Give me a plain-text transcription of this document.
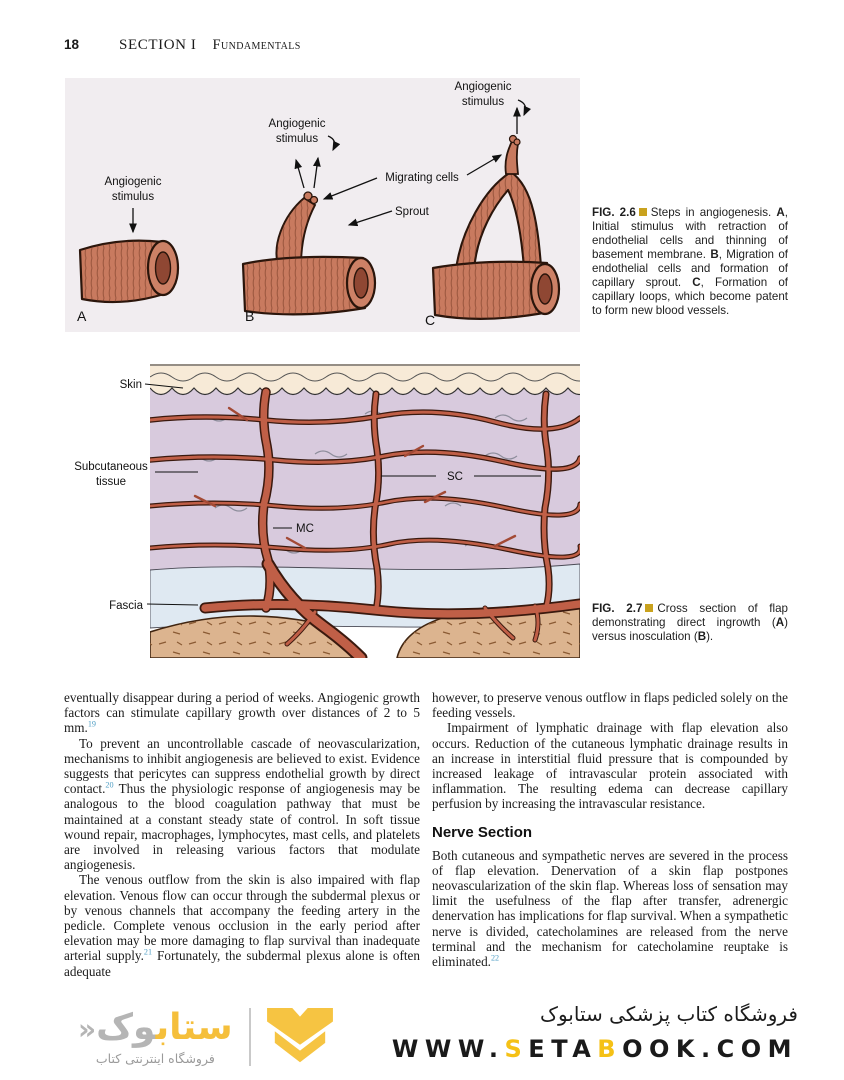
18	SECTION I Fundamentals
Angiogenic
stimulus
A
Angiogenic
stimulus
B
Migrating cells
Sprout
Angiogenic
stimulus
C
FIG. 2.6 Steps in angiogenesis. A, Initial stimulus with retraction of endothelial cells and thinning of basement membrane. B, Migration of endothelial cells and formation of capillary sprout. C, Formation of capillary loops, which become patent to form new blood vessels.
Skin
Subcutaneous
tissue
Fascia
MC
SC
FIG. 2.7 Cross section of flap demonstrating direct ingrowth (A) versus inosculation (B).

eventually disappear during a period of weeks. Angiogenic growth factors can stimulate capillary growth over distances of 2 to 5 mm.$^{19}$

To prevent an uncontrollable cascade of neovascularization, mechanisms to inhibit angiogenesis are believed to exist. Evidence suggests that pericytes can suppress endothelial growth by direct contact.$^{20}$ Thus the physiologic response of angiogenesis may be analogous to the blood coagulation pathway that must be maintained at a constant steady state of control. In soft tissue wound repair, macrophages, lymphocytes, mast cells, and platelets are involved in releasing various factors that modulate angiogenesis.

The venous outflow from the skin is also impaired with flap elevation. Venous flow can occur through the subdermal plexus or by venous channels that accompany the feeding artery in the pedicle. Complete venous occlusion in the early period after elevation may be more damaging to flap survival than inadequate arterial supply.$^{21}$ Fortunately, the subdermal plexus alone is often adequate

however, to preserve venous outflow in flaps pedicled solely on the feeding vessels.

Impairment of lymphatic drainage with flap elevation also occurs. Reduction of the cutaneous lymphatic drainage results in an increase in interstitial fluid pressure that is compounded by increased leakage of intravascular protein associated with inflammation. The resulting edema can decrease capillary perfusion by increasing the intravascular resistance.

Nerve Section

Both cutaneous and sympathetic nerves are severed in the process of flap elevation. Denervation of a skin flap postpones neovascularization of the skin flap. Whereas loss of sensation may limit the usefulness of the flap after transfer, adrenergic denervation has implications for flap survival. When a sympathetic nerve is divided, catecholamines are released from the nerve terminal and the mechanism for catecholamine reuptake is eliminated.$^{22}$

ستابوک«
فروشگاه اینترنتی کتاب
فروشگاه کتاب پزشکی ستابوک
WWW.SETABOOK.COM
